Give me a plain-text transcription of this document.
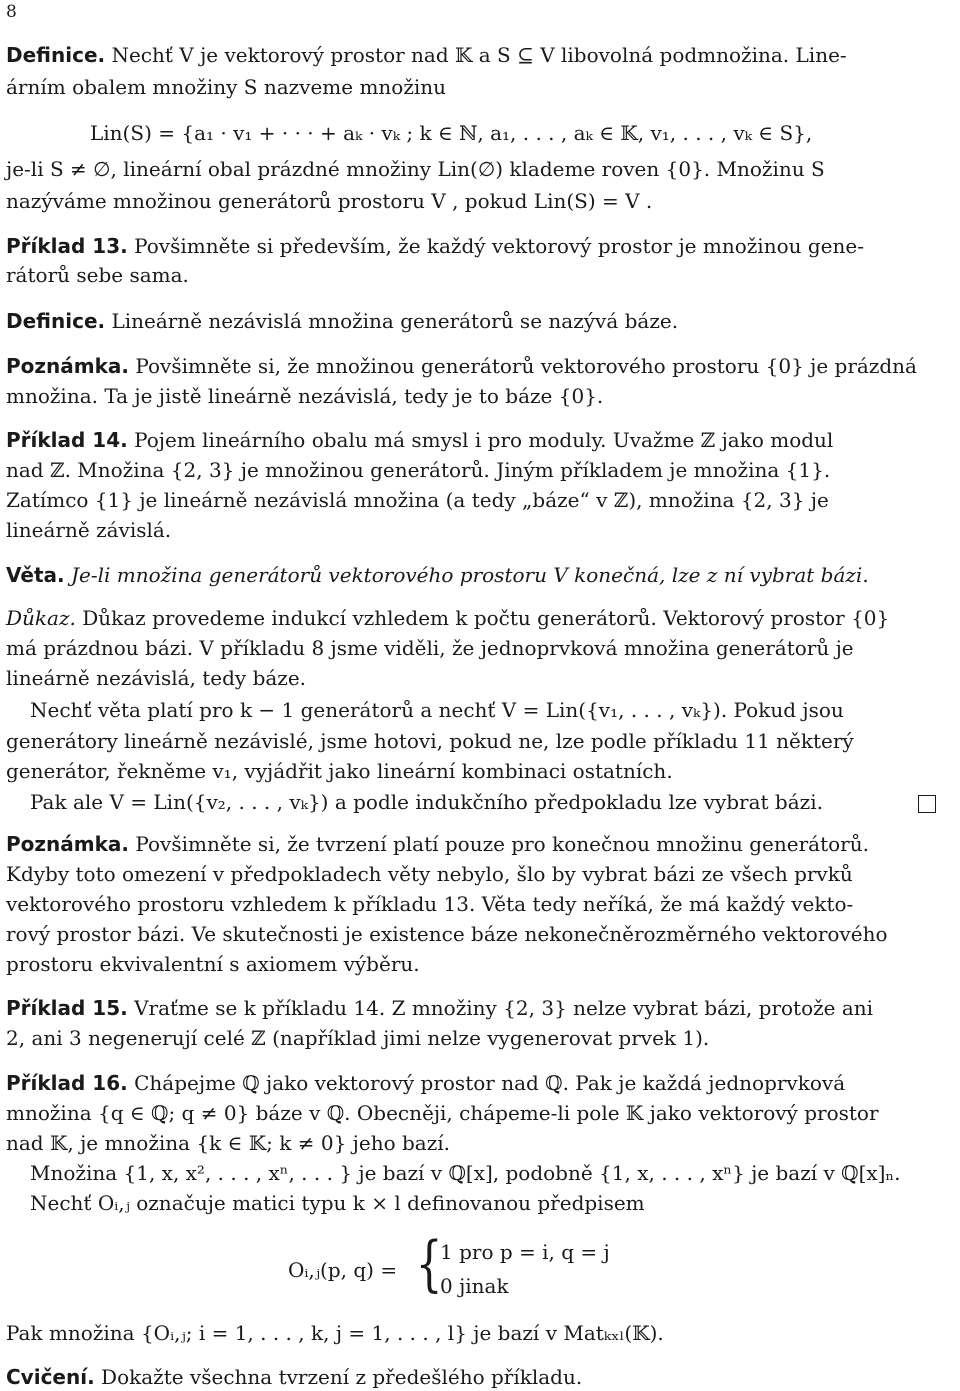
8
Definice. Nechť V je vektorový prostor nad 𝕂 a S ⊆ V libovolná podmnožina. Line-
árním obalem množiny S nazveme množinu
Lin(S) = {a₁ · v₁ + · · · + aₖ · vₖ ; k ∈ ℕ, a₁, . . . , aₖ ∈ 𝕂, v₁, . . . , vₖ ∈ S},
je-li S ≠ ∅, lineární obal prázdné množiny Lin(∅) klademe roven {0}. Množinu S
nazýváme množinou generátorů prostoru V , pokud Lin(S) = V .
Příklad 13. Povšimněte si především, že každý vektorový prostor je množinou gene-
rátorů sebe sama.
Definice. Lineárně nezávislá množina generátorů se nazývá báze.
Poznámka. Povšimněte si, že množinou generátorů vektorového prostoru {0} je prázdná
množina. Ta je jistě lineárně nezávislá, tedy je to báze {0}.
Příklad 14. Pojem lineárního obalu má smysl i pro moduly. Uvažme ℤ jako modul
nad ℤ. Množina {2, 3} je množinou generátorů. Jiným příkladem je množina {1}.
Zatímco {1} je lineárně nezávislá množina (a tedy „báze“ v ℤ), množina {2, 3} je
lineárně závislá.
Věta. Je-li množina generátorů vektorového prostoru V konečná, lze z ní vybrat bázi.
Důkaz. Důkaz provedeme indukcí vzhledem k počtu generátorů. Vektorový prostor {0}
má prázdnou bázi. V příkladu 8 jsme viděli, že jednoprvková množina generátorů je
lineárně nezávislá, tedy báze.
Nechť věta platí pro k − 1 generátorů a nechť V = Lin({v₁, . . . , vₖ}). Pokud jsou
generátory lineárně nezávislé, jsme hotovi, pokud ne, lze podle příkladu 11 některý
generátor, řekněme v₁, vyjádřit jako lineární kombinaci ostatních.
Pak ale V = Lin({v₂, . . . , vₖ}) a podle indukčního předpokladu lze vybrat bázi.
Poznámka. Povšimněte si, že tvrzení platí pouze pro konečnou množinu generátorů.
Kdyby toto omezení v předpokladech věty nebylo, šlo by vybrat bázi ze všech prvků
vektorového prostoru vzhledem k příkladu 13. Věta tedy neříká, že má každý vekto-
rový prostor bázi. Ve skutečnosti je existence báze nekonečněrozměrného vektorového
prostoru ekvivalentní s axiomem výběru.
Příklad 15. Vraťme se k příkladu 14. Z množiny {2, 3} nelze vybrat bázi, protože ani
2, ani 3 negenerují celé ℤ (například jimi nelze vygenerovat prvek 1).
Příklad 16. Chápejme ℚ jako vektorový prostor nad ℚ. Pak je každá jednoprvková
množina {q ∈ ℚ; q ≠ 0} báze v ℚ. Obecněji, chápeme-li pole 𝕂 jako vektorový prostor
nad 𝕂, je množina {k ∈ 𝕂; k ≠ 0} jeho bazí.
Množina {1, x, x², . . . , xⁿ, . . . } je bazí v ℚ[x], podobně {1, x, . . . , xⁿ} je bazí v ℚ[x]ₙ.
Nechť Oᵢ,ⱼ označuje matici typu k × l definovanou předpisem
Oᵢ,ⱼ(p, q) = {
1 pro p = i, q = j
0 jinak
Pak množina {Oᵢ,ⱼ; i = 1, . . . , k, j = 1, . . . , l} je bazí v Matₖₓₗ(𝕂).
Cvičení. Dokažte všechna tvrzení z předešlého příkladu.
